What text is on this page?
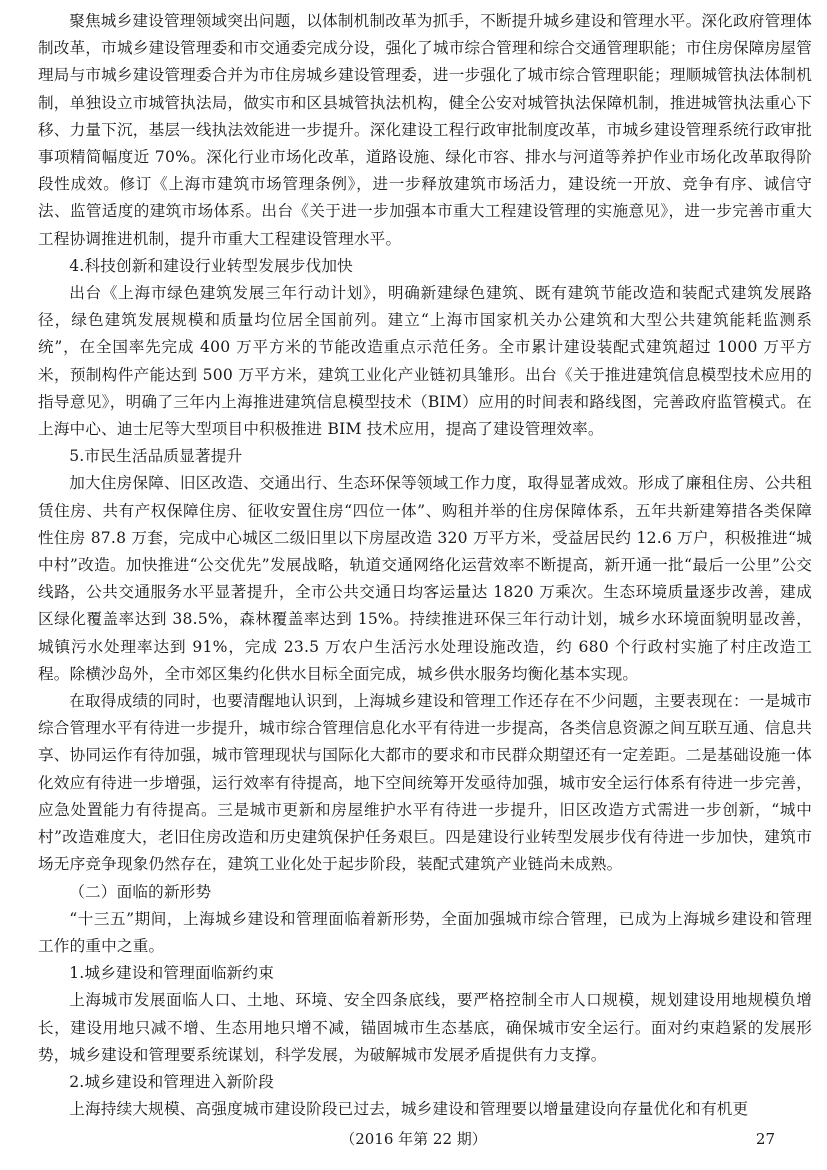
聚焦城乡建设管理领域突出问题，以体制机制改革为抓手，不断提升城乡建设和管理水平。深化政府管理体制改革，市城乡建设管理委和市交通委完成分设，强化了城市综合管理和综合交通管理职能；市住房保障房屋管理局与市城乡建设管理委合并为市住房城乡建设管理委，进一步强化了城市综合管理职能；理顺城管执法体制机制，单独设立市城管执法局，做实市和区县城管执法机构，健全公安对城管执法保障机制，推进城管执法重心下移、力量下沉，基层一线执法效能进一步提升。深化建设工程行政审批制度改革，市城乡建设管理系统行政审批事项精简幅度近 70%。深化行业市场化改革，道路设施、绿化市容、排水与河道等养护作业市场化改革取得阶段性成效。修订《上海市建筑市场管理条例》，进一步释放建筑市场活力，建设统一开放、竞争有序、诚信守法、监管适度的建筑市场体系。出台《关于进一步加强本市重大工程建设管理的实施意见》，进一步完善市重大工程协调推进机制，提升市重大工程建设管理水平。

4.科技创新和建设行业转型发展步伐加快

出台《上海市绿色建筑发展三年行动计划》，明确新建绿色建筑、既有建筑节能改造和装配式建筑发展路径，绿色建筑发展规模和质量均位居全国前列。建立“上海市国家机关办公建筑和大型公共建筑能耗监测系统”，在全国率先完成 400 万平方米的节能改造重点示范任务。全市累计建设装配式建筑超过 1000 万平方米，预制构件产能达到 500 万平方米，建筑工业化产业链初具雏形。出台《关于推进建筑信息模型技术应用的指导意见》，明确了三年内上海推进建筑信息模型技术（BIM）应用的时间表和路线图，完善政府监管模式。在上海中心、迪士尼等大型项目中积极推进 BIM 技术应用，提高了建设管理效率。

5.市民生活品质显著提升

加大住房保障、旧区改造、交通出行、生态环保等领域工作力度，取得显著成效。形成了廉租住房、公共租赁住房、共有产权保障住房、征收安置住房“四位一体”、购租并举的住房保障体系，五年共新建筹措各类保障性住房 87.8 万套，完成中心城区二级旧里以下房屋改造 320 万平方米，受益居民约 12.6 万户，积极推进“城中村”改造。加快推进“公交优先”发展战略，轨道交通网络化运营效率不断提高，新开通一批“最后一公里”公交线路，公共交通服务水平显著提升，全市公共交通日均客运量达 1820 万乘次。生态环境质量逐步改善，建成区绿化覆盖率达到 38.5%，森林覆盖率达到 15%。持续推进环保三年行动计划，城乡水环境面貌明显改善，城镇污水处理率达到 91%，完成 23.5 万农户生活污水处理设施改造，约 680 个行政村实施了村庄改造工程。除横沙岛外，全市郊区集约化供水目标全面完成，城乡供水服务均衡化基本实现。

在取得成绩的同时，也要清醒地认识到，上海城乡建设和管理工作还存在不少问题，主要表现在：一是城市综合管理水平有待进一步提升，城市综合管理信息化水平有待进一步提高，各类信息资源之间互联互通、信息共享、协同运作有待加强，城市管理现状与国际化大都市的要求和市民群众期望还有一定差距。二是基础设施一体化效应有待进一步增强，运行效率有待提高，地下空间统筹开发亟待加强，城市安全运行体系有待进一步完善，应急处置能力有待提高。三是城市更新和房屋维护水平有待进一步提升，旧区改造方式需进一步创新，“城中村”改造难度大，老旧住房改造和历史建筑保护任务艰巨。四是建设行业转型发展步伐有待进一步加快，建筑市场无序竞争现象仍然存在，建筑工业化处于起步阶段，装配式建筑产业链尚未成熟。

（二）面临的新形势

“十三五”期间，上海城乡建设和管理面临着新形势，全面加强城市综合管理，已成为上海城乡建设和管理工作的重中之重。

1.城乡建设和管理面临新约束

上海城市发展面临人口、土地、环境、安全四条底线，要严格控制全市人口规模，规划建设用地规模负增长，建设用地只减不增、生态用地只增不减，锚固城市生态基底，确保城市安全运行。面对约束趋紧的发展形势，城乡建设和管理要系统谋划，科学发展，为破解城市发展矛盾提供有力支撑。

2.城乡建设和管理进入新阶段

上海持续大规模、高强度城市建设阶段已过去，城乡建设和管理要以增量建设向存量优化和有机更

（2016 年第 22 期）	27
